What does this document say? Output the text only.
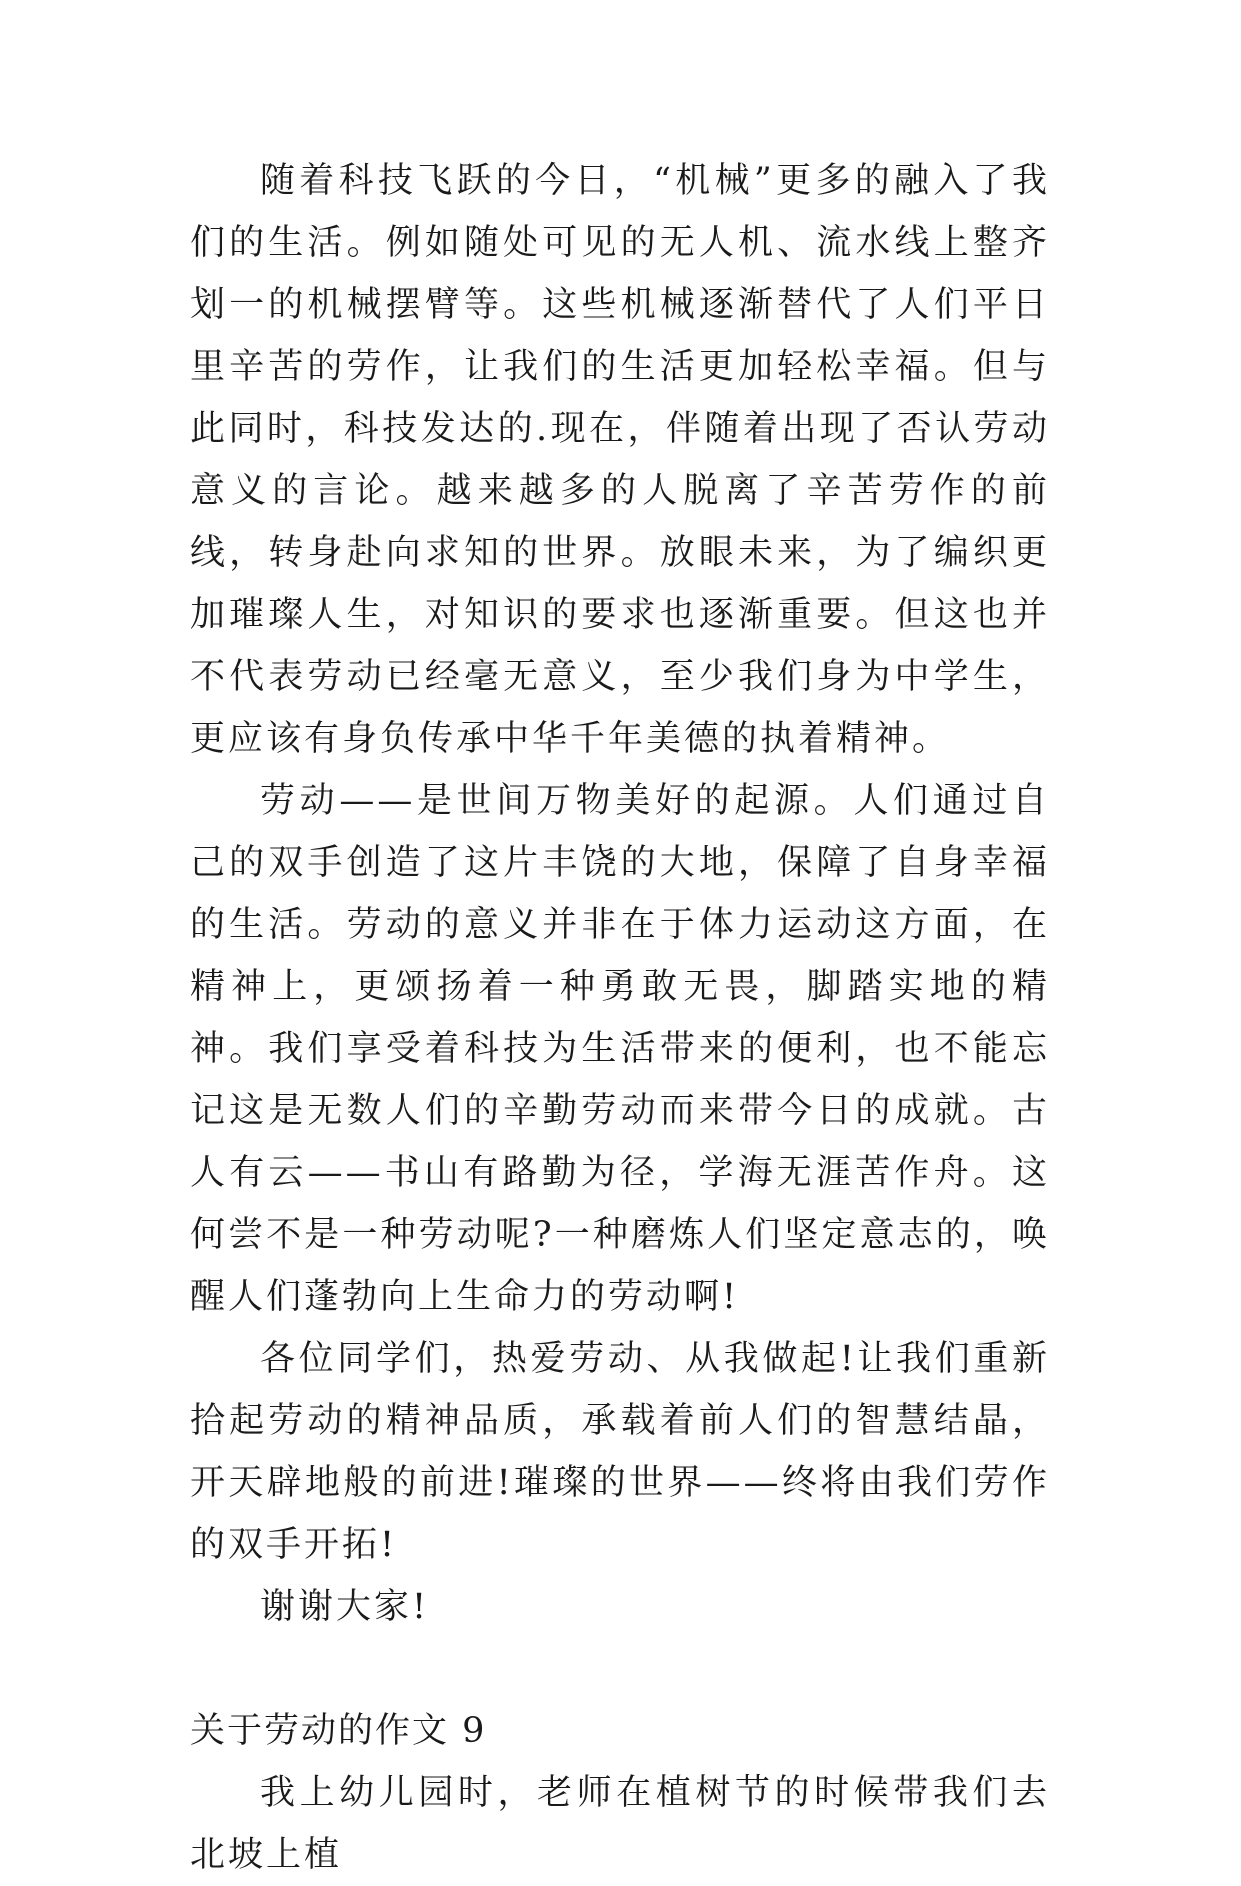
随着科技飞跃的今日，“机械”更多的融入了我们的生活。例如随处可见的无人机、流水线上整齐划一的机械摆臂等。这些机械逐渐替代了人们平日里辛苦的劳作，让我们的生活更加轻松幸福。但与此同时，科技发达的.现在，伴随着出现了否认劳动意义的言论。越来越多的人脱离了辛苦劳作的前线，转身赴向求知的世界。放眼未来，为了编织更加璀璨人生，对知识的要求也逐渐重要。但这也并不代表劳动已经毫无意义，至少我们身为中学生，更应该有身负传承中华千年美德的执着精神。

劳动——是世间万物美好的起源。人们通过自己的双手创造了这片丰饶的大地，保障了自身幸福的生活。劳动的意义并非在于体力运动这方面，在精神上，更颂扬着一种勇敢无畏，脚踏实地的精神。我们享受着科技为生活带来的便利，也不能忘记这是无数人们的辛勤劳动而来带今日的成就。古人有云——书山有路勤为径，学海无涯苦作舟。这何尝不是一种劳动呢?一种磨炼人们坚定意志的，唤醒人们蓬勃向上生命力的劳动啊!

各位同学们，热爱劳动、从我做起!让我们重新拾起劳动的精神品质，承载着前人们的智慧结晶，开天辟地般的前进!璀璨的世界——终将由我们劳作的双手开拓!

谢谢大家!

关于劳动的作文 9

我上幼儿园时，老师在植树节的时候带我们去北坡上植
